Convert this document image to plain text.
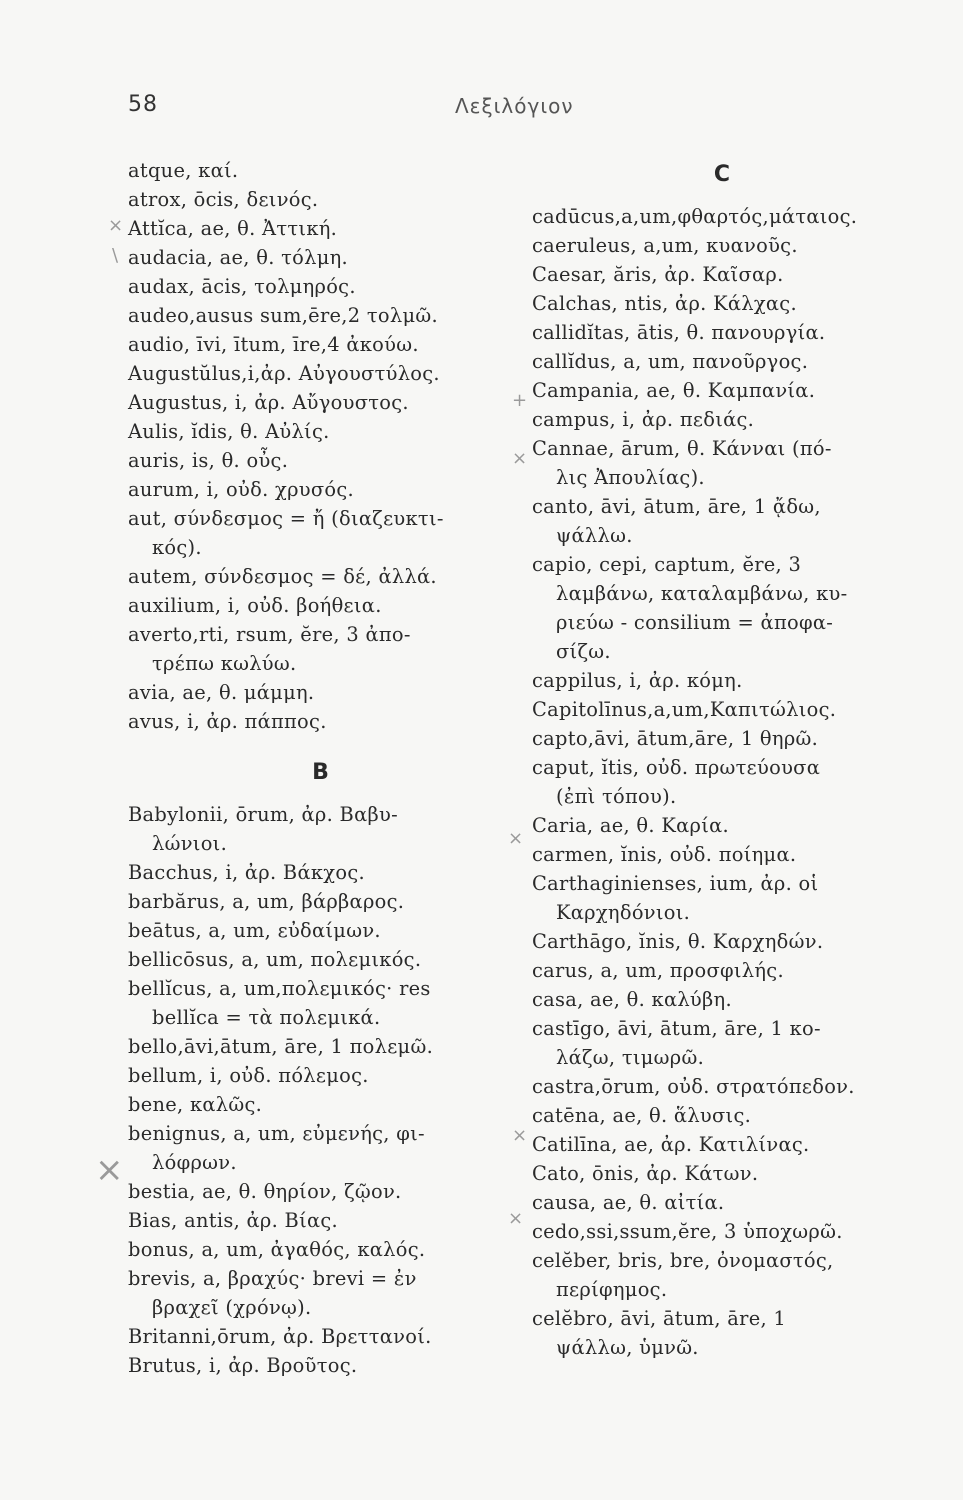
58	Λεξιλόγιον
×
\
+
×
×
×
×
×
atque, καί.
atrox, ōcis, δεινός.
Attĭca, ae, θ. Ἀττική.
audacia, ae, θ. τόλμη.
audax, ācis, τολμηρός.
audeo,ausus sum,ēre,2 τολμῶ.
audio, īvi, ītum, īre,4 ἀκούω.
Augustŭlus,i,ἀρ. Αὐγουστύλος.
Augustus, i, ἀρ. Αὔγουστος.
Aulis, ĭdis, θ. Αὐλίς.
auris, is, θ. οὖς.
aurum, i, οὐδ. χρυσός.
aut, σύνδεσμος = ἤ (διαζευκτι-
κός).
autem, σύνδεσμος = δέ, ἀλλά.
auxilium, i, οὐδ. βοήθεια.
averto,rti, rsum, ĕre, 3 ἀπο-
τρέπω κωλύω.
avia, ae, θ. μάμμη.
avus, i, ἀρ. πάππος.
B
Babylonii, ōrum, ἀρ. Βαβυ-
λώνιοι.
Bacchus, i, ἀρ. Βάκχος.
barbărus, a, um, βάρβαρος.
beātus, a, um, εὐδαίμων.
bellicōsus, a, um, πολεμικός.
bellĭcus, a, um,πολεμικός· res
bellĭca = τὰ πολεμικά.
bello,āvi,ātum, āre, 1 πολεμῶ.
bellum, i, οὐδ. πόλεμος.
bene, καλῶς.
benignus, a, um, εὐμενής, φι-
λόφρων.
bestia, ae, θ. θηρίον, ζῷον.
Bias, antis, ἀρ. Βίας.
bonus, a, um, ἀγαθός, καλός.
brevis, a, βραχύς· brevi = ἐν
βραχεῖ (χρόνῳ).
Britanni,ōrum, ἀρ. Βρεττανοί.
Brutus, i, ἀρ. Βροῦτος.
C
cadūcus,a,um,φθαρτός,μάταιος.
caeruleus, a,um, κυανοῦς.
Caesar, ăris, ἀρ. Καῖσαρ.
Calchas, ntis, ἀρ. Κάλχας.
callidĭtas, ātis, θ. πανουργία.
callĭdus, a, um, πανοῦργος.
Campania, ae, θ. Καμπανία.
campus, i, ἀρ. πεδιάς.
Cannae, ārum, θ. Κάνναι (πό-
λις Ἀπουλίας).
canto, āvi, ātum, āre, 1 ᾄδω,
ψάλλω.
capio, cepi, captum, ĕre, 3
λαμβάνω, καταλαμβάνω, κυ-
ριεύω - consilium = ἀποφα-
σίζω.
cappilus, i, ἀρ. κόμη.
Capitolīnus,a,um,Καπιτώλιος.
capto,āvi, ātum,āre, 1 θηρῶ.
caput, ĭtis, οὐδ. πρωτεύουσα
(ἐπὶ τόπου).
Caria, ae, θ. Καρία.
carmen, ĭnis, οὐδ. ποίημα.
Carthaginienses, ium, ἀρ. οἱ
Καρχηδόνιοι.
Carthāgo, ĭnis, θ. Καρχηδών.
carus, a, um, προσφιλής.
casa, ae, θ. καλύβη.
castīgo, āvi, ātum, āre, 1 κο-
λάζω, τιμωρῶ.
castra,ōrum, οὐδ. στρατόπεδον.
catēna, ae, θ. ἅλυσις.
Catilīna, ae, ἀρ. Κατιλίνας.
Cato, ōnis, ἀρ. Κάτων.
causa, ae, θ. αἰτία.
cedo,ssi,ssum,ĕre, 3 ὑποχωρῶ.
celĕber, bris, bre, ὀνομαστός,
περίφημος.
celĕbro, āvi, ātum, āre, 1
ψάλλω, ὑμνῶ.
